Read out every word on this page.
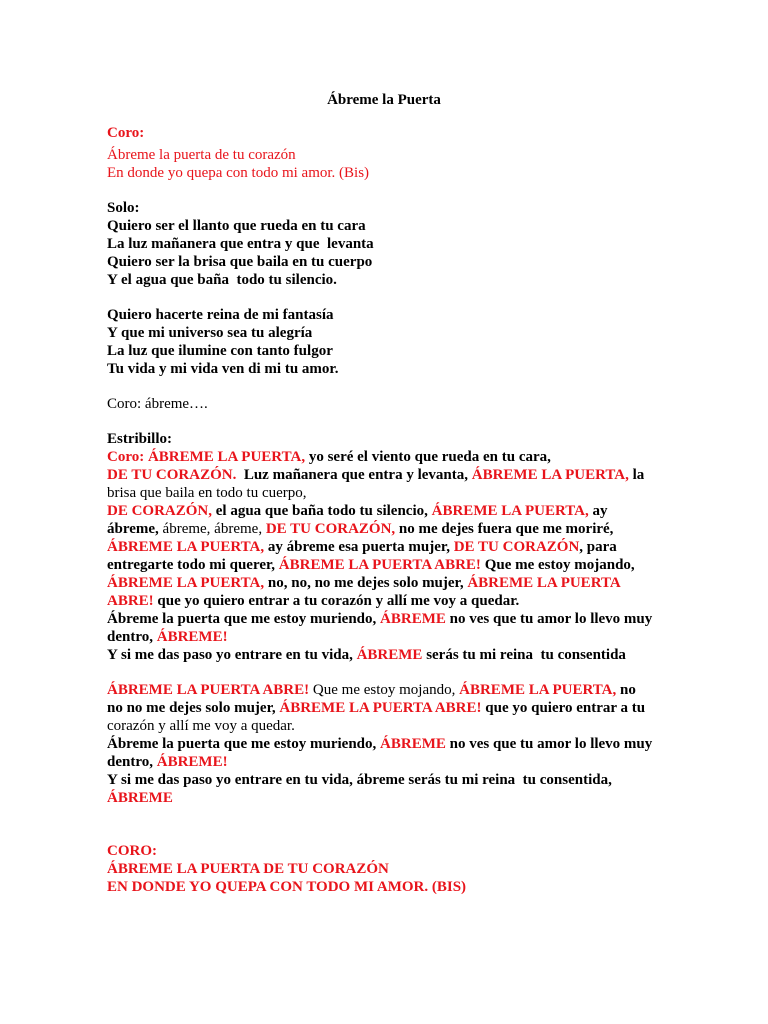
Ábreme la Puerta
Coro:
Ábreme la puerta de tu corazón
En donde yo quepa con todo mi amor. (Bis)
Solo:
Quiero ser el llanto que rueda en tu cara
La luz mañanera que entra y que  levanta
Quiero ser la brisa que baila en tu cuerpo
Y el agua que baña  todo tu silencio.
Quiero hacerte reina de mi fantasía
Y que mi universo sea tu alegría
La luz que ilumine con tanto fulgor
Tu vida y mi vida ven di mi tu amor.
Coro: ábreme….
Estribillo:
Coro: ÁBREME LA PUERTA, yo seré el viento que rueda en tu cara,
DE TU CORAZÓN.  Luz mañanera que entra y levanta, ÁBREME LA PUERTA, la
brisa que baila en todo tu cuerpo,
DE CORAZÓN, el agua que baña todo tu silencio, ÁBREME LA PUERTA, ay
ábreme, ábreme, ábreme, DE TU CORAZÓN, no me dejes fuera que me moriré,
ÁBREME LA PUERTA, ay ábreme esa puerta mujer, DE TU CORAZÓN, para
entregarte todo mi querer, ÁBREME LA PUERTA ABRE! Que me estoy mojando,
ÁBREME LA PUERTA, no, no, no me dejes solo mujer, ÁBREME LA PUERTA
ABRE! que yo quiero entrar a tu corazón y allí me voy a quedar.
Ábreme la puerta que me estoy muriendo, ÁBREME no ves que tu amor lo llevo muy
dentro, ÁBREME!
Y si me das paso yo entrare en tu vida, ÁBREME serás tu mi reina  tu consentida
ÁBREME LA PUERTA ABRE! Que me estoy mojando, ÁBREME LA PUERTA, no
no no me dejes solo mujer, ÁBREME LA PUERTA ABRE! que yo quiero entrar a tu
corazón y allí me voy a quedar.
Ábreme la puerta que me estoy muriendo, ÁBREME no ves que tu amor lo llevo muy
dentro, ÁBREME!
Y si me das paso yo entrare en tu vida, ábreme serás tu mi reina  tu consentida,
ÁBREME
CORO:
ÁBREME LA PUERTA DE TU CORAZÓN
EN DONDE YO QUEPA CON TODO MI AMOR. (BIS)
